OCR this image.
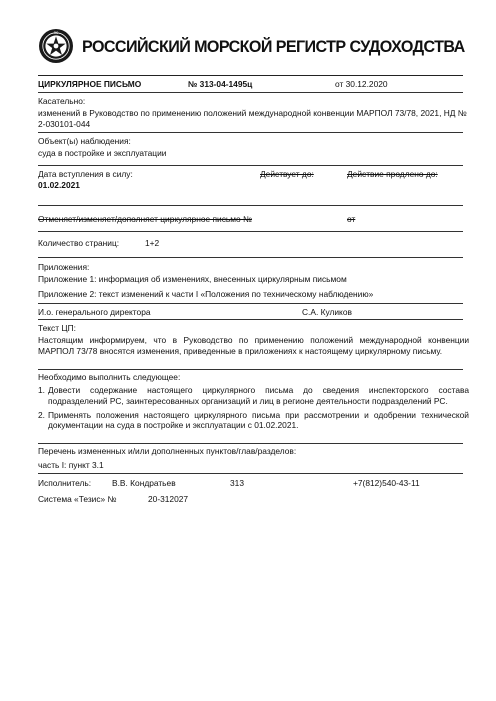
RS
РОССИЙСКИЙ МОРСКОЙ РЕГИСТР СУДОХОДСТВА
ЦИРКУЛЯРНОЕ ПИСЬМО	№ 313-04-1495ц	от 30.12.2020
Касательно:
изменений в Руководство по применению положений международной конвенции МАРПОЛ 73/78, 2021, НД № 2-030101-044
Объект(ы) наблюдения:
суда в постройке и эксплуатации
Дата вступления в силу:
01.02.2021
Действует до:	Действие продлено до:
Отменяет/изменяет/дополняет циркулярное письмо №	от
Количество страниц:	1+2
Приложения:
Приложение 1: информация об изменениях, внесенных циркулярным письмом
Приложение 2: текст изменений к части I «Положения по техническому наблюдению»
И.о. генерального директора	С.А. Куликов
Текст ЦП:
Настоящим информируем, что в Руководство по применению положений международной конвенции МАРПОЛ 73/78 вносятся изменения, приведенные в приложениях к настоящему циркулярному письму.
Необходимо выполнить следующее:
1. Довести содержание настоящего циркулярного письма до сведения инспекторского состава подразделений РС, заинтересованных организаций и лиц в регионе деятельности подразделений РС.
2. Применять положения настоящего циркулярного письма при рассмотрении и одобрении технической документации на суда в постройке и эксплуатации с 01.02.2021.
Перечень измененных и/или дополненных пунктов/глав/разделов:
часть I: пункт 3.1
Исполнитель: В.В. Кондратьев	313	+7(812)540-43-11
Система «Тезис» №	20-312027
